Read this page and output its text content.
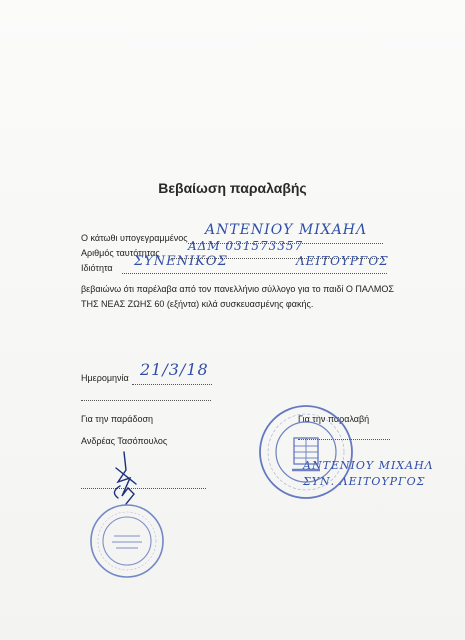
Βεβαίωση παραλαβής
Ο κάτωθι υπογεγραμμένος ΑΝΤΕΝΙΟΥ ΜΙΧΑΗΛ
Αριθμός ταυτότητας ΑΔΜ 031573357
Ιδιότητα ΣΥΝΕΝΙΚΟΣ	ΛΕΙΤΟΥΡΓΟΣ
βεβαιώνω ότι παρέλαβα από τον πανελλήνιο σύλλογο για το παιδί Ο ΠΑΛΜΟΣ ΤΗΣ ΝΕΑΣ ΖΩΗΣ 60 (εξήντα) κιλά συσκευασμένης φακής.
Ημερομηνία 21/3/18
Για την παράδοση
Ανδρέας Τασόπουλος
Για την παραλαβή
ΑΝΤΕΝΙΟΥ ΜΙΧΑΗΛ
ΣΥΝ. ΛΕΙΤΟΥΡΓΟΣ
